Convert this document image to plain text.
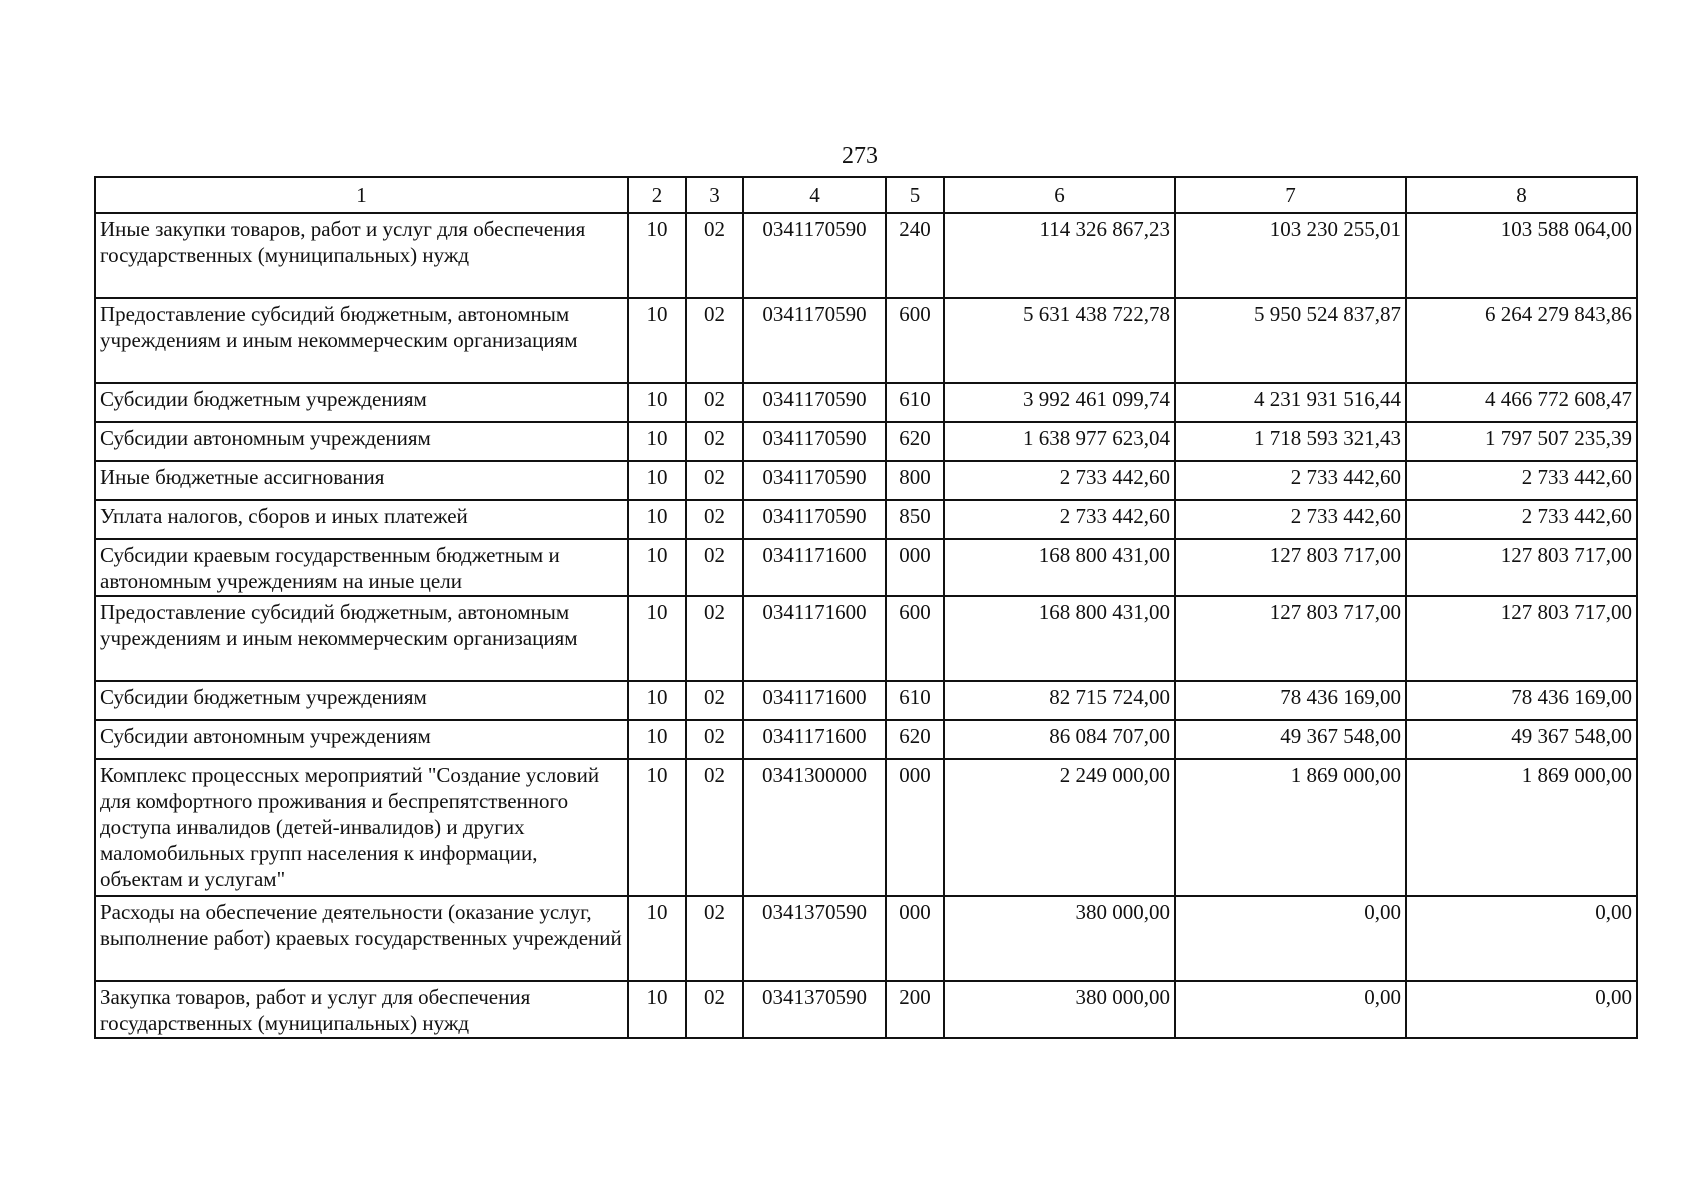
273
1	2	3	4	5	6	7	8
Иные закупки товаров, работ и услуг для обеспечения государственных (муниципальных) нужд	10	02	0341170590	240	114 326 867,23	103 230 255,01	103 588 064,00
Предоставление субсидий бюджетным, автономным учреждениям и иным некоммерческим организациям	10	02	0341170590	600	5 631 438 722,78	5 950 524 837,87	6 264 279 843,86
Субсидии бюджетным учреждениям	10	02	0341170590	610	3 992 461 099,74	4 231 931 516,44	4 466 772 608,47
Субсидии автономным учреждениям	10	02	0341170590	620	1 638 977 623,04	1 718 593 321,43	1 797 507 235,39
Иные бюджетные ассигнования	10	02	0341170590	800	2 733 442,60	2 733 442,60	2 733 442,60
Уплата налогов, сборов и иных платежей	10	02	0341170590	850	2 733 442,60	2 733 442,60	2 733 442,60
Субсидии краевым государственным бюджетным и автономным учреждениям на иные цели	10	02	0341171600	000	168 800 431,00	127 803 717,00	127 803 717,00
Предоставление субсидий бюджетным, автономным учреждениям и иным некоммерческим организациям	10	02	0341171600	600	168 800 431,00	127 803 717,00	127 803 717,00
Субсидии бюджетным учреждениям	10	02	0341171600	610	82 715 724,00	78 436 169,00	78 436 169,00
Субсидии автономным учреждениям	10	02	0341171600	620	86 084 707,00	49 367 548,00	49 367 548,00
Комплекс процессных мероприятий "Создание условий для комфортного проживания и беспрепятственного доступа инвалидов (детей-инвалидов) и других маломобильных групп населения к информации, объектам и услугам"	10	02	0341300000	000	2 249 000,00	1 869 000,00	1 869 000,00
Расходы на обеспечение деятельности (оказание услуг, выполнение работ) краевых государственных учреждений	10	02	0341370590	000	380 000,00	0,00	0,00
Закупка товаров, работ и услуг для обеспечения государственных (муниципальных) нужд	10	02	0341370590	200	380 000,00	0,00	0,00
